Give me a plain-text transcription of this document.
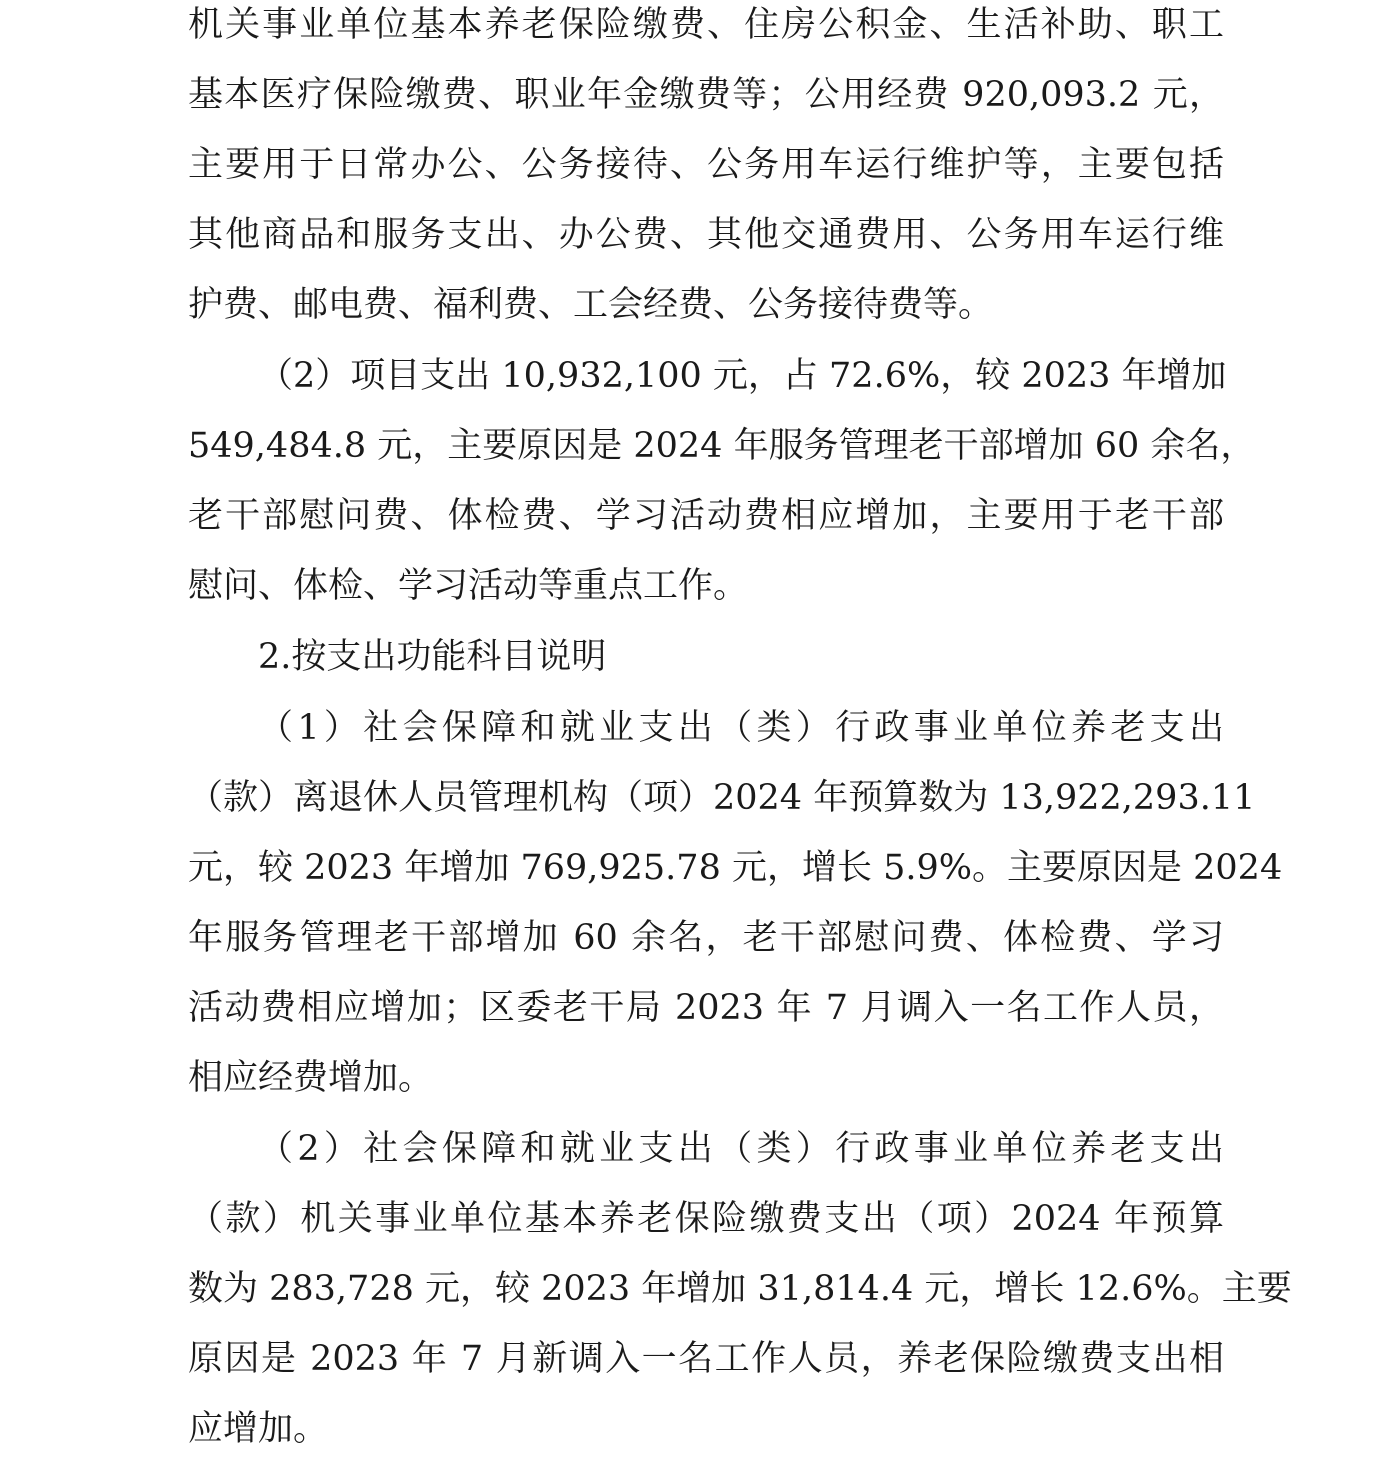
机关事业单位基本养老保险缴费、住房公积金、生活补助、职工
基本医疗保险缴费、职业年金缴费等；公用经费 920,093.2 元，
主要用于日常办公、公务接待、公务用车运行维护等，主要包括
其他商品和服务支出、办公费、其他交通费用、公务用车运行维
护费、邮电费、福利费、工会经费、公务接待费等。
（2）项目支出 10,932,100 元，占 72.6%，较 2023 年增加
549,484.8 元，主要原因是 2024 年服务管理老干部增加 60 余名，
老干部慰问费、体检费、学习活动费相应增加，主要用于老干部
慰问、体检、学习活动等重点工作。
2.按支出功能科目说明
（1）社会保障和就业支出（类）行政事业单位养老支出
（款）离退休人员管理机构（项）2024 年预算数为 13,922,293.11
元，较 2023 年增加 769,925.78 元，增长 5.9%。主要原因是 2024
年服务管理老干部增加 60 余名，老干部慰问费、体检费、学习
活动费相应增加；区委老干局 2023 年 7 月调入一名工作人员，
相应经费增加。
（2）社会保障和就业支出（类）行政事业单位养老支出
（款）机关事业单位基本养老保险缴费支出（项）2024 年预算
数为 283,728 元，较 2023 年增加 31,814.4 元，增长 12.6%。主要
原因是 2023 年 7 月新调入一名工作人员，养老保险缴费支出相
应增加。
